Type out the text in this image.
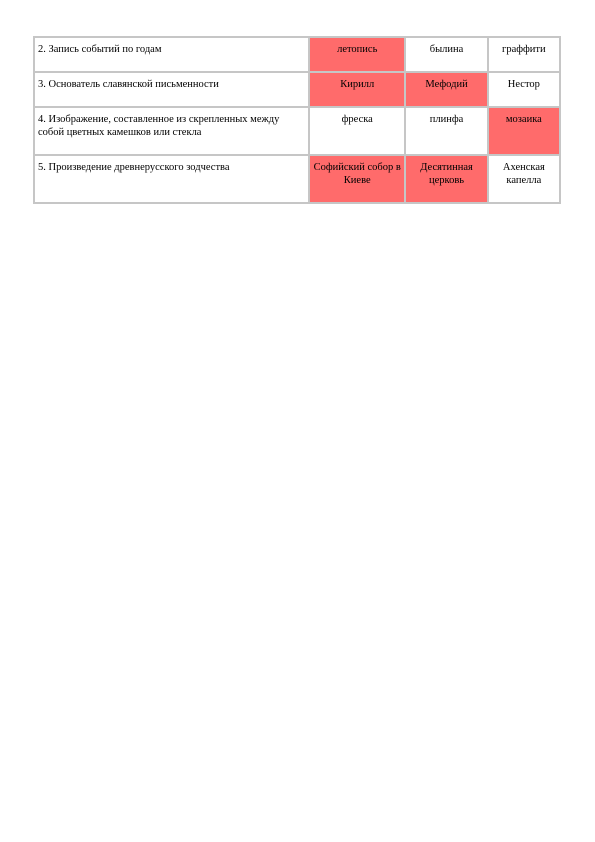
2. Запись событий по годам	летопись	былина	граффити
3. Основатель славянской письменности	Кирилл	Мефодий	Нестор
4. Изображение, составленное из скрепленных между собой цветных камешков или стекла	фреска	плинфа	мозаика
5. Произведение древнерусского зодчества	Софийский собор в Киеве	Десятинная церковь	Ахенская капелла
